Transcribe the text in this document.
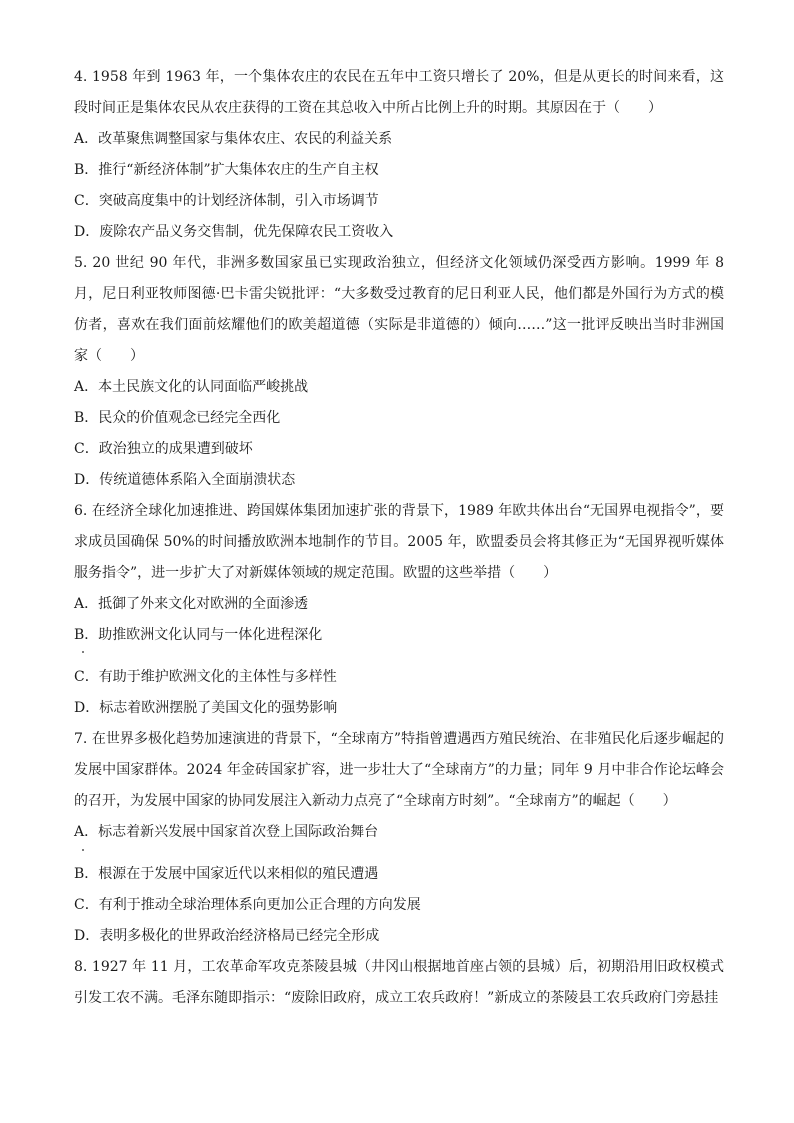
4. 1958 年到 1963 年，一个集体农庄的农民在五年中工资只增长了 20%，但是从更长的时间来看，这段时间正是集体农民从农庄获得的工资在其总收入中所占比例上升的时期。其原因在于（　　）

A．改革聚焦调整国家与集体农庄、农民的利益关系

B．推行“新经济体制”扩大集体农庄的生产自主权

C．突破高度集中的计划经济体制，引入市场调节

D．废除农产品义务交售制，优先保障农民工资收入

5. 20 世纪 90 年代，非洲多数国家虽已实现政治独立，但经济文化领域仍深受西方影响。1999 年 8 月，尼日利亚牧师图德·巴卡雷尖锐批评：“大多数受过教育的尼日利亚人民，他们都是外国行为方式的模仿者，喜欢在我们面前炫耀他们的欧美超道德（实际是非道德的）倾向……”这一批评反映出当时非洲国家（　　）

A．本土民族文化的认同面临严峻挑战

B．民众的价值观念已经完全西化

C．政治独立的成果遭到破坏

D．传统道德体系陷入全面崩溃状态

6. 在经济全球化加速推进、跨国媒体集团加速扩张的背景下，1989 年欧共体出台“无国界电视指令”，要求成员国确保 50%的时间播放欧洲本地制作的节目。2005 年，欧盟委员会将其修正为“无国界视听媒体服务指令”，进一步扩大了对新媒体领域的规定范围。欧盟的这些举措（　　）

A．抵御了外来文化对欧洲的全面渗透

B．助推欧洲文化认同与一体化进程深化

C．有助于维护欧洲文化的主体性与多样性

D．标志着欧洲摆脱了美国文化的强势影响

7. 在世界多极化趋势加速演进的背景下，“全球南方”特指曾遭遇西方殖民统治、在非殖民化后逐步崛起的发展中国家群体。2024 年金砖国家扩容，进一步壮大了“全球南方”的力量；同年 9 月中非合作论坛峰会的召开，为发展中国家的协同发展注入新动力点亮了“全球南方时刻”。“全球南方”的崛起（　　）

A．标志着新兴发展中国家首次登上国际政治舞台

B．根源在于发展中国家近代以来相似的殖民遭遇

C．有利于推动全球治理体系向更加公正合理的方向发展

D．表明多极化的世界政治经济格局已经完全形成

8. 1927 年 11 月，工农革命军攻克茶陵县城（井冈山根据地首座占领的县城）后，初期沿用旧政权模式引发工农不满。毛泽东随即指示：“废除旧政府，成立工农兵政府！”新成立的茶陵县工农兵政府门旁悬挂
